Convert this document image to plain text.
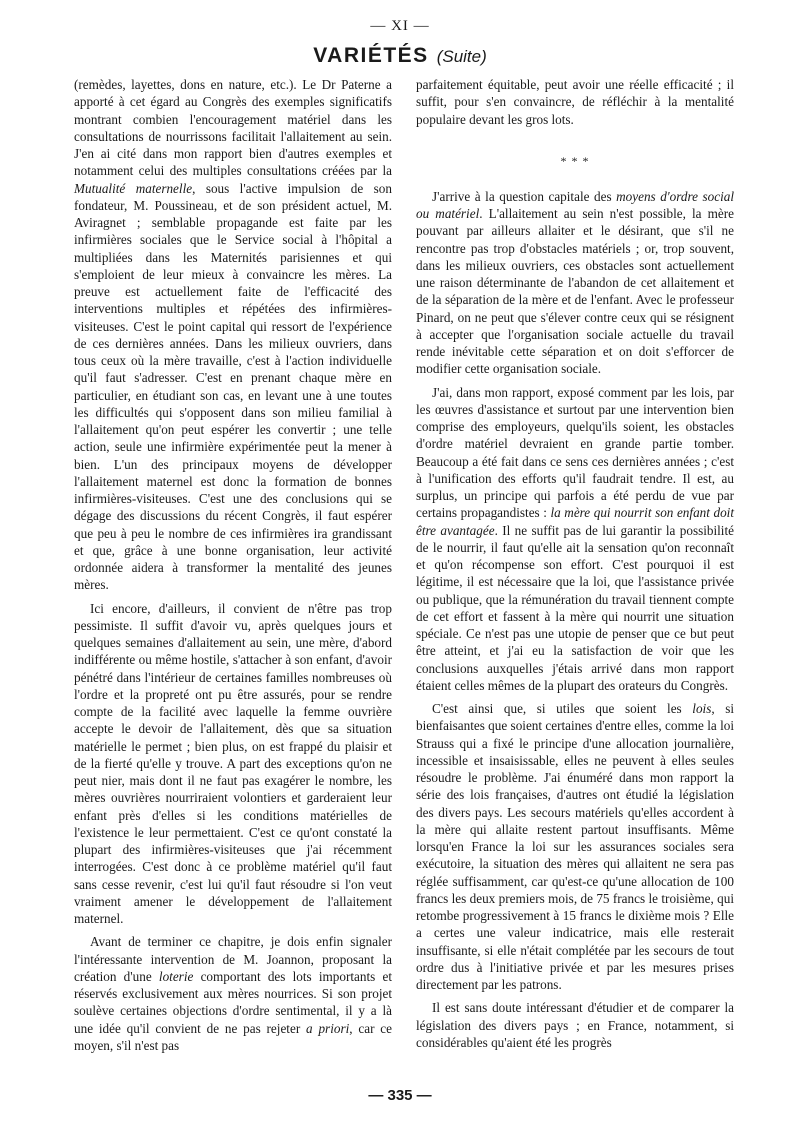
— XI —
VARIÉTÉS (Suite)

(remèdes, layettes, dons en nature, etc.). Le Dr Paterne a apporté à cet égard au Congrès des exemples significatifs montrant combien l'encouragement matériel dans les consultations de nourrissons facilitait l'allaitement au sein. J'en ai cité dans mon rapport bien d'autres exemples et notamment celui des multiples consultations créées par la Mutualité maternelle, sous l'active impulsion de son fondateur, M. Poussineau, et de son président actuel, M. Aviragnet ; semblable propagande est faite par les infirmières sociales que le Service social à l'hôpital a multipliées dans les Maternités parisiennes et qui s'emploient de leur mieux à convaincre les mères. La preuve est actuellement faite de l'efficacité des interventions multiples et répétées des infirmières-visiteuses. C'est le point capital qui ressort de l'expérience de ces dernières années. Dans les milieux ouvriers, dans tous ceux où la mère travaille, c'est à l'action individuelle qu'il faut s'adresser. C'est en prenant chaque mère en particulier, en étudiant son cas, en levant une à une toutes les difficultés qui s'opposent dans son milieu familial à l'allaitement qu'on peut espérer les convertir ; une telle action, seule une infirmière expérimentée peut la mener à bien. L'un des principaux moyens de développer l'allaitement maternel est donc la formation de bonnes infirmières-visiteuses. C'est une des conclusions qui se dégage des discussions du récent Congrès, il faut espérer que peu à peu le nombre de ces infirmières ira grandissant et que, grâce à une bonne organisation, leur activité ordonnée aidera à transformer la mentalité des jeunes mères.

Ici encore, d'ailleurs, il convient de n'être pas trop pessimiste. Il suffit d'avoir vu, après quelques jours et quelques semaines d'allaitement au sein, une mère, d'abord indifférente ou même hostile, s'attacher à son enfant, d'avoir pénétré dans l'intérieur de certaines familles nombreuses où l'ordre et la propreté ont pu être assurés, pour se rendre compte de la facilité avec laquelle la femme ouvrière accepte le devoir de l'allaitement, dès que sa situation matérielle le permet ; bien plus, on est frappé du plaisir et de la fierté qu'elle y trouve. A part des exceptions qu'on ne peut nier, mais dont il ne faut pas exagérer le nombre, les mères ouvrières nourriraient volontiers et garderaient leur enfant près d'elles si les conditions matérielles de l'existence le leur permettaient. C'est ce qu'ont constaté la plupart des infirmières-visiteuses que j'ai récemment interrogées. C'est donc à ce problème matériel qu'il faut sans cesse revenir, c'est lui qu'il faut résoudre si l'on veut vraiment amener le développement de l'allaitement maternel.

Avant de terminer ce chapitre, je dois enfin signaler l'intéressante intervention de M. Joannon, proposant la création d'une loterie comportant des lots importants et réservés exclusivement aux mères nourrices. Si son projet soulève certaines objections d'ordre sentimental, il y a là une idée qu'il convient de ne pas rejeter a priori, car ce moyen, s'il n'est pas

parfaitement équitable, peut avoir une réelle efficacité ; il suffit, pour s'en convaincre, de réfléchir à la mentalité populaire devant les gros lots.

* * *

J'arrive à la question capitale des moyens d'ordre social ou matériel. L'allaitement au sein n'est possible, la mère pouvant par ailleurs allaiter et le désirant, que s'il ne rencontre pas trop d'obstacles matériels ; or, trop souvent, dans les milieux ouvriers, ces obstacles sont actuellement une raison déterminante de l'abandon de cet allaitement et de la séparation de la mère et de l'enfant. Avec le professeur Pinard, on ne peut que s'élever contre ceux qui se résignent à accepter que l'organisation sociale actuelle du travail rende inévitable cette séparation et on doit s'efforcer de modifier cette organisation sociale.

J'ai, dans mon rapport, exposé comment par les lois, par les œuvres d'assistance et surtout par une intervention bien comprise des employeurs, quelqu'ils soient, les obstacles d'ordre matériel devraient en grande partie tomber. Beaucoup a été fait dans ce sens ces dernières années ; c'est à l'unification des efforts qu'il faudrait tendre. Il est, au surplus, un principe qui parfois a été perdu de vue par certains propagandistes : la mère qui nourrit son enfant doit être avantagée. Il ne suffit pas de lui garantir la possibilité de le nourrir, il faut qu'elle ait la sensation qu'on reconnaît et qu'on récompense son effort. C'est pourquoi il est légitime, il est nécessaire que la loi, que l'assistance privée ou publique, que la rémunération du travail tiennent compte de cet effort et fassent à la mère qui nourrit une situation spéciale. Ce n'est pas une utopie de penser que ce but peut être atteint, et j'ai eu la satisfaction de voir que les conclusions auxquelles j'étais arrivé dans mon rapport étaient celles mêmes de la plupart des orateurs du Congrès.

C'est ainsi que, si utiles que soient les lois, si bienfaisantes que soient certaines d'entre elles, comme la loi Strauss qui a fixé le principe d'une allocation journalière, incessible et insaisissable, elles ne peuvent à elles seules résoudre le problème. J'ai énuméré dans mon rapport la série des lois françaises, d'autres ont étudié la législation des divers pays. Les secours matériels qu'elles accordent à la mère qui allaite restent partout insuffisants. Même lorsqu'en France la loi sur les assurances sociales sera exécutoire, la situation des mères qui allaitent ne sera pas réglée suffisamment, car qu'est-ce qu'une allocation de 100 francs les deux premiers mois, de 75 francs le troisième, qui retombe progressivement à 15 francs le dixième mois ? Elle a certes une valeur indicatrice, mais elle resterait insuffisante, si elle n'était complétée par les secours de tout ordre dus à l'initiative privée et par les mesures prises directement par les patrons.

Il est sans doute intéressant d'étudier et de comparer la législation des divers pays ; en France, notamment, si considérables qu'aient été les progrès

— 335 —
